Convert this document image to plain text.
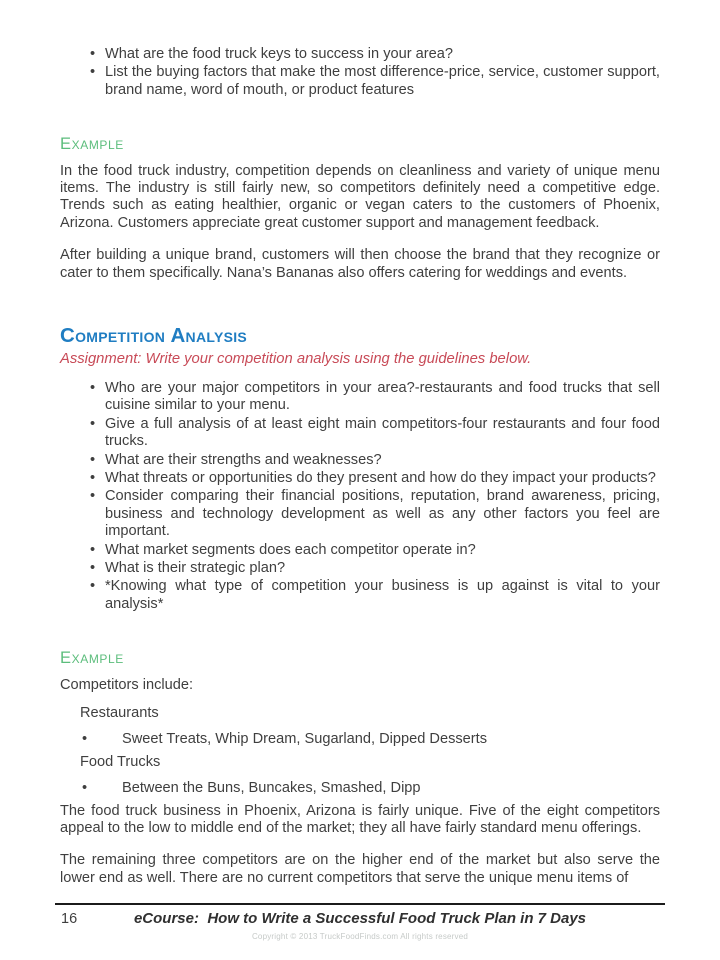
• What are the food truck keys to success in your area?
• List the buying factors that make the most difference-price, service, customer support, brand name, word of mouth, or product features
Example

In the food truck industry, competition depends on cleanliness and variety of unique menu items. The industry is still fairly new, so competitors definitely need a competitive edge. Trends such as eating healthier, organic or vegan caters to the customers of Phoenix, Arizona. Customers appreciate great customer support and management feedback.

After building a unique brand, customers will then choose the brand that they recognize or cater to them specifically. Nana’s Bananas also offers catering for weddings and events.

Competition Analysis

Assignment: Write your competition analysis using the guidelines below.

• Who are your major competitors in your area?-restaurants and food trucks that sell cuisine similar to your menu.
• Give a full analysis of at least eight main competitors-four restaurants and four food trucks.
• What are their strengths and weaknesses?
• What threats or opportunities do they present and how do they impact your products?
• Consider comparing their financial positions, reputation, brand awareness, pricing, business and technology development as well as any other factors you feel are important.
• What market segments does each competitor operate in?
• What is their strategic plan?
• *Knowing what type of competition your business is up against is vital to your analysis*
Example

Competitors include:

Restaurants
• Sweet Treats, Whip Dream, Sugarland, Dipped Desserts
Food Trucks
• Between the Buns, Buncakes, Smashed, Dipp

The food truck business in Phoenix, Arizona is fairly unique. Five of the eight competitors appeal to the low to middle end of the market; they all have fairly standard menu offerings.

The remaining three competitors are on the higher end of the market but also serve the lower end as well. There are no current competitors that serve the unique menu items of

16	eCourse:  How to Write a Successful Food Truck Plan in 7 Days
Copyright © 2013 TruckFoodFinds.com All rights reserved
